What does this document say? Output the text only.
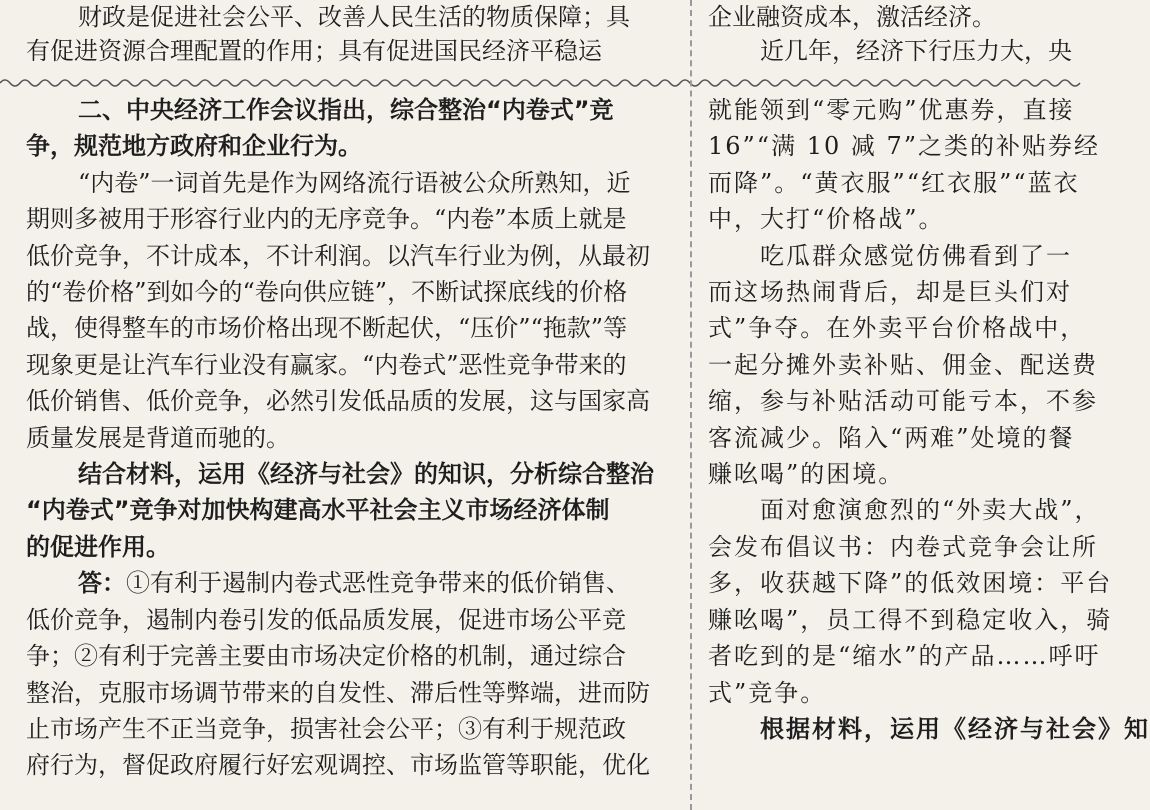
财政是促进社会公平、改善人民生活的物质保障；具

有促进资源合理配置的作用；具有促进国民经济平稳运

企业融资成本，激活经济。

近几年，经济下行压力大，央

二、中央经济工作会议指出，综合整治“内卷式”竞

争，规范地方政府和企业行为。

“内卷”一词首先是作为网络流行语被公众所熟知，近

期则多被用于形容行业内的无序竞争。“内卷”本质上就是

低价竞争，不计成本，不计利润。以汽车行业为例，从最初

的“卷价格”到如今的“卷向供应链”，不断试探底线的价格

战，使得整车的市场价格出现不断起伏，“压价”“拖款”等

现象更是让汽车行业没有赢家。“内卷式”恶性竞争带来的

低价销售、低价竞争，必然引发低品质的发展，这与国家高

质量发展是背道而驰的。

结合材料，运用《经济与社会》的知识，分析综合整治

“内卷式”竞争对加快构建高水平社会主义市场经济体制

的促进作用。

答：①有利于遏制内卷式恶性竞争带来的低价销售、

低价竞争，遏制内卷引发的低品质发展，促进市场公平竞

争；②有利于完善主要由市场决定价格的机制，通过综合

整治，克服市场调节带来的自发性、滞后性等弊端，进而防

止市场产生不正当竞争，损害社会公平；③有利于规范政

府行为，督促政府履行好宏观调控、市场监管等职能，优化

就能领到“零元购”优惠券，直接

16”“满 10 减 7”之类的补贴券经

而降”。“黄衣服”“红衣服”“蓝衣

中，大打“价格战”。

吃瓜群众感觉仿佛看到了一

而这场热闹背后，却是巨头们对

式”争夺。在外卖平台价格战中，

一起分摊外卖补贴、佣金、配送费

缩，参与补贴活动可能亏本，不参

客流减少。陷入“两难”处境的餐

赚吆喝”的困境。

面对愈演愈烈的“外卖大战”，

会发布倡议书：内卷式竞争会让所

多，收获越下降”的低效困境：平台

赚吆喝”，员工得不到稳定收入，骑

者吃到的是“缩水”的产品……呼吁

式”竞争。

根据材料，运用《经济与社会》知
